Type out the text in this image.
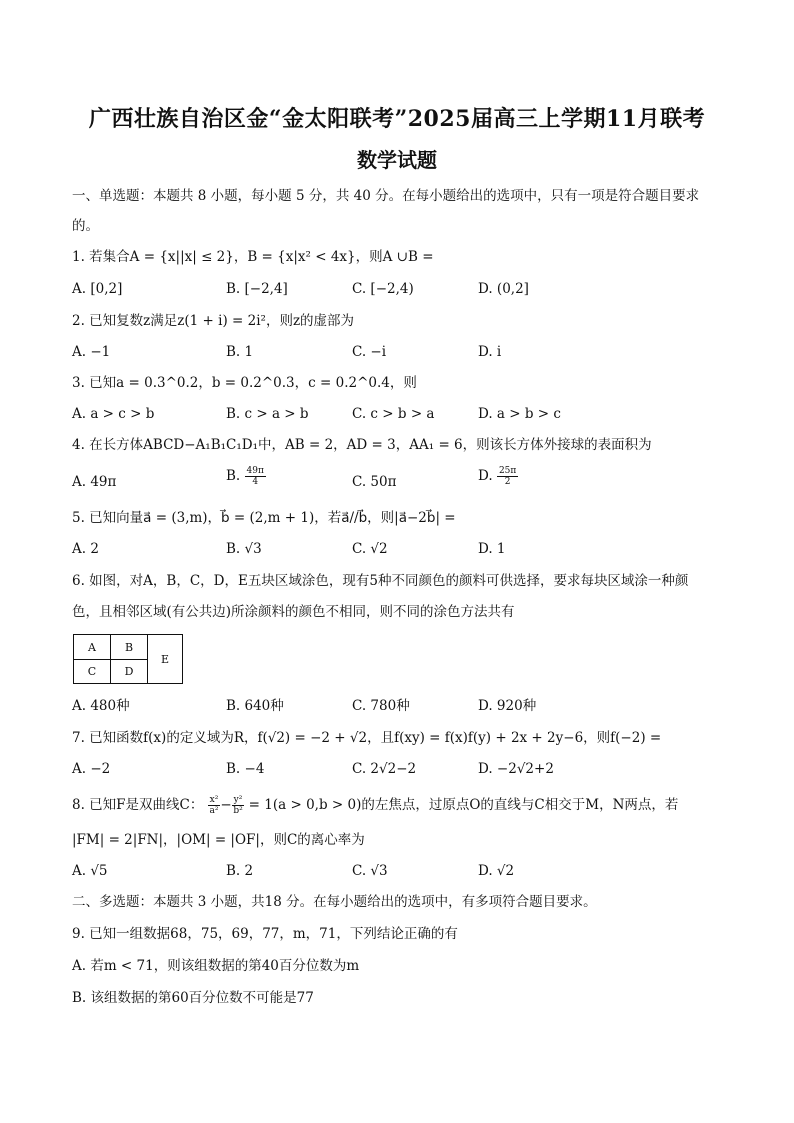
广西壮族自治区金“金太阳联考”2025届高三上学期11月联考
数学试题
一、单选题：本题共 8 小题，每小题 5 分，共 40 分。在每小题给出的选项中，只有一项是符合题目要求
的。
1. 若集合A = {x||x| ≤ 2}，B = {x|x² < 4x}，则A ∪B =
A. [0,2]	B. [−2,4]	C. [−2,4)	D. (0,2]
2. 已知复数z满足z(1 + i) = 2i²，则z的虚部为
A. −1	B. 1	C. −i	D. i
3. 已知a = 0.3^0.2，b = 0.2^0.3，c = 0.2^0.4，则
A. a > c > b	B. c > a > b	C. c > b > a	D. a > b > c
4. 在长方体ABCD−A₁B₁C₁D₁中，AB = 2，AD = 3，AA₁ = 6，则该长方体外接球的表面积为
A. 49π	B. $\frac{49\pi}{4}$	C. 50π	D. $\frac{25\pi}{2}$
5. 已知向量a⃗ = (3,m)，b⃗ = (2,m + 1)，若a⃗//b⃗，则|a⃗−2b⃗| =
A. 2	B. √3	C. √2	D. 1
6. 如图，对A，B，C，D，E五块区域涂色，现有5种不同颜色的颜料可供选择，要求每块区域涂一种颜
色，且相邻区域(有公共边)所涂颜料的颜色不相同，则不同的涂色方法共有
A	B
C	D
E
A. 480种	B. 640种	C. 780种	D. 920种
7. 已知函数f(x)的定义域为R，f(√2) = −2 + √2，且f(xy) = f(x)f(y) + 2x + 2y−6，则f(−2) =
A. −2	B. −4	C. 2√2−2	D. −2√2+2
8. 已知F是双曲线C： $\frac{\text{x²}}{\text{a²}} - \frac{\text{y²}}{\text{b²}} = 1(a > 0,b > 0)$的左焦点，过原点O的直线与C相交于M，N两点，若
|FM| = 2|FN|，|OM| = |OF|，则C的离心率为
A. √5	B. 2	C. √3	D. √2
二、多选题：本题共 3 小题，共18 分。在每小题给出的选项中，有多项符合题目要求。
9. 已知一组数据68，75，69，77，m，71，下列结论正确的有
A. 若m < 71，则该组数据的第40百分位数为m
B. 该组数据的第60百分位数不可能是77
